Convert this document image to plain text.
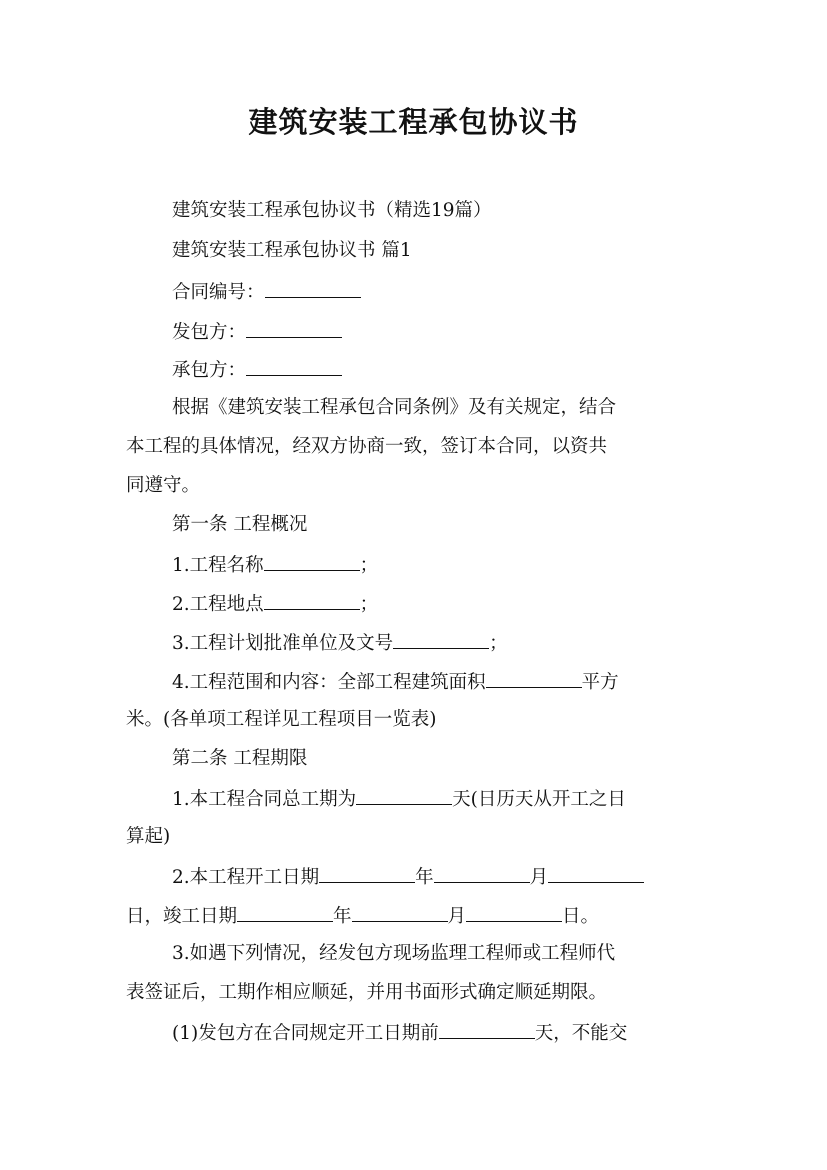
建筑安装工程承包协议书
建筑安装工程承包协议书（精选19篇）
建筑安装工程承包协议书 篇1
合同编号：
发包方：
承包方：
根据《建筑安装工程承包合同条例》及有关规定，结合
本工程的具体情况，经双方协商一致，签订本合同，以资共
同遵守。
第一条 工程概况
1.工程名称	；
2.工程地点	；
3.工程计划批准单位及文号	；
4.工程范围和内容：全部工程建筑面积	平方
米。(各单项工程详见工程项目一览表)
第二条 工程期限
1.本工程合同总工期为	天(日历天从开工之日
算起)
2.本工程开工日期	年	月
日，竣工日期	年	月	日。
3.如遇下列情况，经发包方现场监理工程师或工程师代
表签证后，工期作相应顺延，并用书面形式确定顺延期限。
(1)发包方在合同规定开工日期前	天，不能交
